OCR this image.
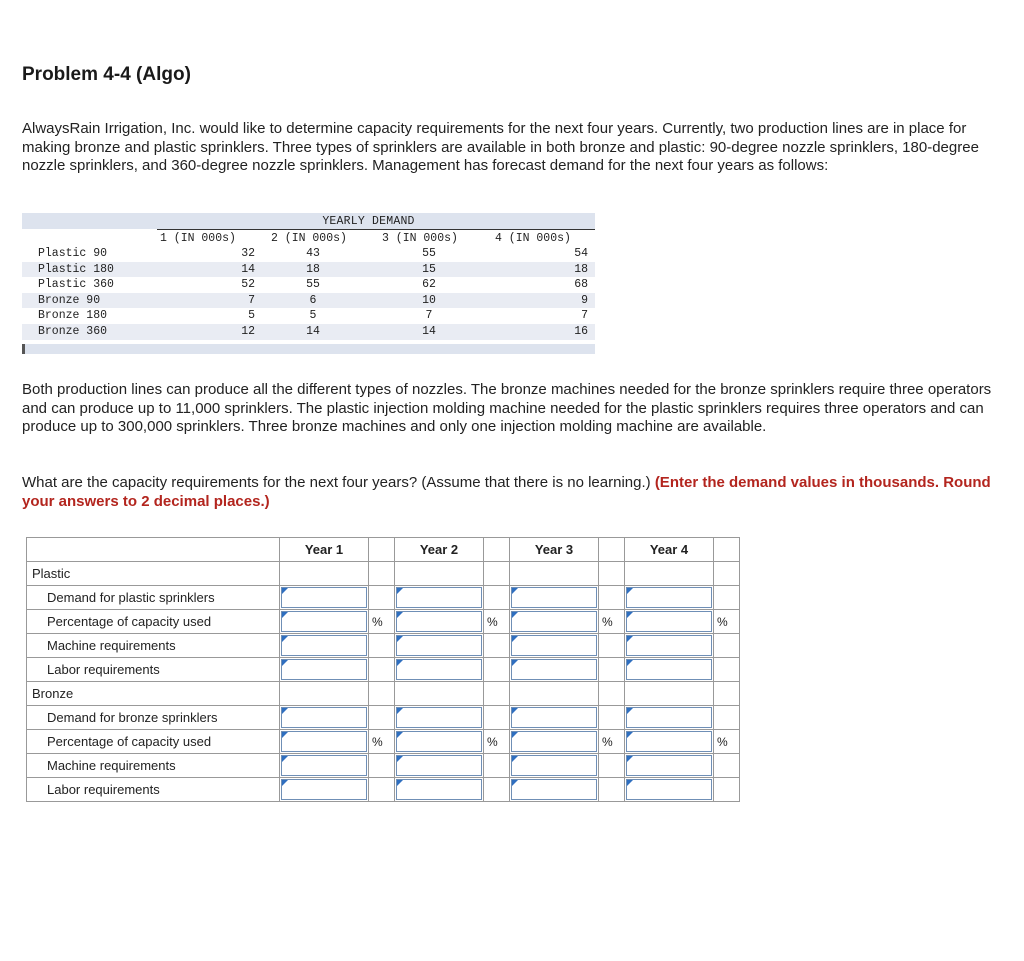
Problem 4-4 (Algo)
AlwaysRain Irrigation, Inc. would like to determine capacity requirements for the next four years. Currently, two production lines are in place for making bronze and plastic sprinklers. Three types of sprinklers are available in both bronze and plastic: 90-degree nozzle sprinklers, 180-degree nozzle sprinklers, and 360-degree nozzle sprinklers. Management has forecast demand for the next four years as follows:
YEARLY DEMAND
1 (IN 000s)	2 (IN 000s)	3 (IN 000s)	4 (IN 000s)
Plastic 90	32	43	55	54
Plastic 180	14	18	15	18
Plastic 360	52	55	62	68
Bronze 90	7	6	10	9
Bronze 180	5	5	7	7
Bronze 360	12	14	14	16
Both production lines can produce all the different types of nozzles. The bronze machines needed for the bronze sprinklers require three operators and can produce up to 11,000 sprinklers. The plastic injection molding machine needed for the plastic sprinklers requires three operators and can produce up to 300,000 sprinklers. Three bronze machines and only one injection molding machine are available.
What are the capacity requirements for the next four years? (Assume that there is no learning.) (Enter the demand values in thousands. Round your answers to 2 decimal places.)
	Year 1		Year 2		Year 3		Year 4	

Plastic								

Demand for plastic sprinklers

Percentage of capacity used		%		%		%		%

Machine requirements

Labor requirements

Bronze								

Demand for bronze sprinklers

Percentage of capacity used		%		%		%		%

Machine requirements

Labor requirements
